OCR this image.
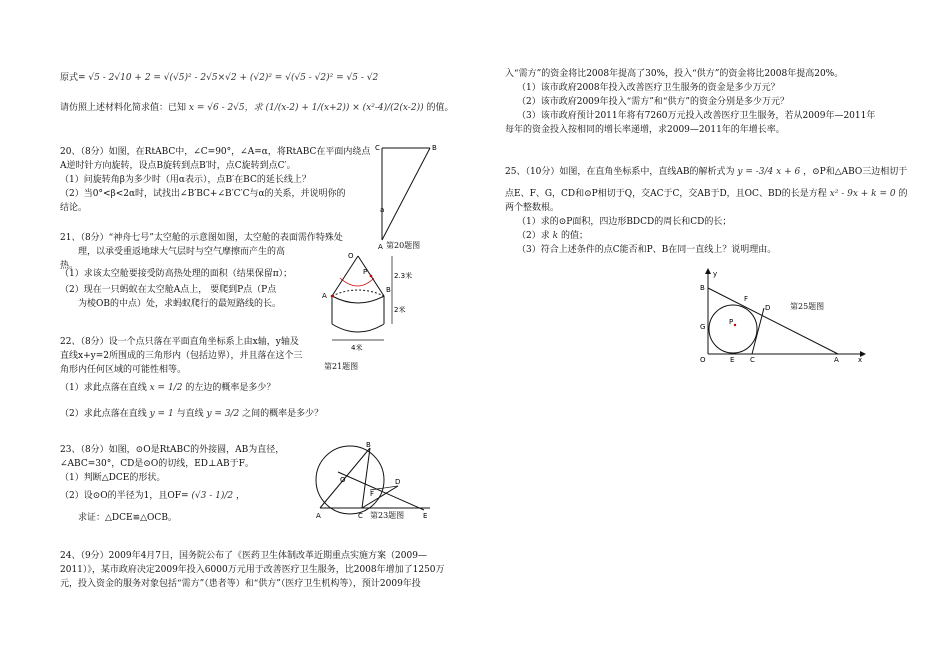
原式= √5 - 2√10 + 2 = √(√5)² - 2√5×√2 + (√2)² = √(√5 - √2)² = √5 - √2
请仿照上述材料化简求值：已知 x = √6 - 2√5，求 (1/(x-2) + 1/(x+2)) × (x²-4)/(2(x-2)) 的值。
20、（8分）如图，在RtABC中，∠C=90°，∠A=α，将RtABC在平面内绕点
A逆时针方向旋转，设点B旋转到点B′时，点C旋转到点C′。
（1）问旋转角β为多少时（用α表示），点B′在BC的延长线上？
（2）当0°<β<2α时，试找出∠B′BC+∠B′C′C与α的关系，并说明你的
结论。
21、（8分）“神舟七号”太空舱的示意图如图，太空舱的表面需作特殊处
理，以承受重返地球大气层时与空气摩擦而产生的高
热。
（1）求该太空舱要接受防高热处理的面积（结果保留π）；
（2）现在一只蚂蚁在太空舱A点上， 要爬到P点（P点
为棱OB的中点）处，求蚂蚁爬行的最短路线的长。
22、（8分）设一个点只落在平面直角坐标系上由x轴，y轴及
直线x+y=2所围成的三角形内（包括边界），并且落在这个三
角形内任何区域的可能性相等。
（1）求此点落在直线 x = 1/2 的左边的概率是多少？
（2）求此点落在直线 y = 1 与直线 y = 3/2 之间的概率是多少？
23、（8分）如图，⊙O是RtABC的外接圆，AB为直径，
∠ABC=30°，CD是⊙O的切线，ED⊥AB于F。
（1）判断△DCE的形状。
（2）设⊙O的半径为1，且OF= (√3 - 1)/2 ，
求证：△DCE≌△OCB。
24、（9分）2009年4月7日，国务院公布了《医药卫生体制改革近期重点实施方案（2009—
2011）》，某市政府决定2009年投入6000万元用于改善医疗卫生服务，比2008年增加了1250万
元，投入资金的服务对象包括“需方”（患者等）和“供方”（医疗卫生机构等），预计2009年投
C	B
a
A 第20题图
O
P
A
B
2.3米
2米
4米
第21题图
B
D
O
F
A	C	E
第23题图
入“需方”的资金将比2008年提高了30%，投入“供方”的资金将比2008年提高20%。
（1）该市政府2008年投入改善医疗卫生服务的资金是多少万元？
（2）该市政府2009年投入“需方”和“供方”的资金分别是多少万元？
（3）该市政府预计2011年将有7260万元投入改善医疗卫生服务，若从2009年—2011年
每年的资金投入按相同的增长率递增，求2009—2011年的年增长率。
25、（10分）如图，在直角坐标系中，直线AB的解析式为 y = -3/4 x + 6 ，⊙P和△ABO三边相切于
点E、F、G，CD和⊙P相切于Q，交AC于C，交AB于D，且OC、BD的长是方程 x² - 9x + k = 0 的
两个整数根。
（1）求的⊙P面积，四边形BDCD的周长和CD的长；
（2）求 k 的值；
（3）符合上述条件的点C能否和P、B在同一直线上？说明理由。
y
B
F
D
G
P
O	E C	A	x
第25题图
